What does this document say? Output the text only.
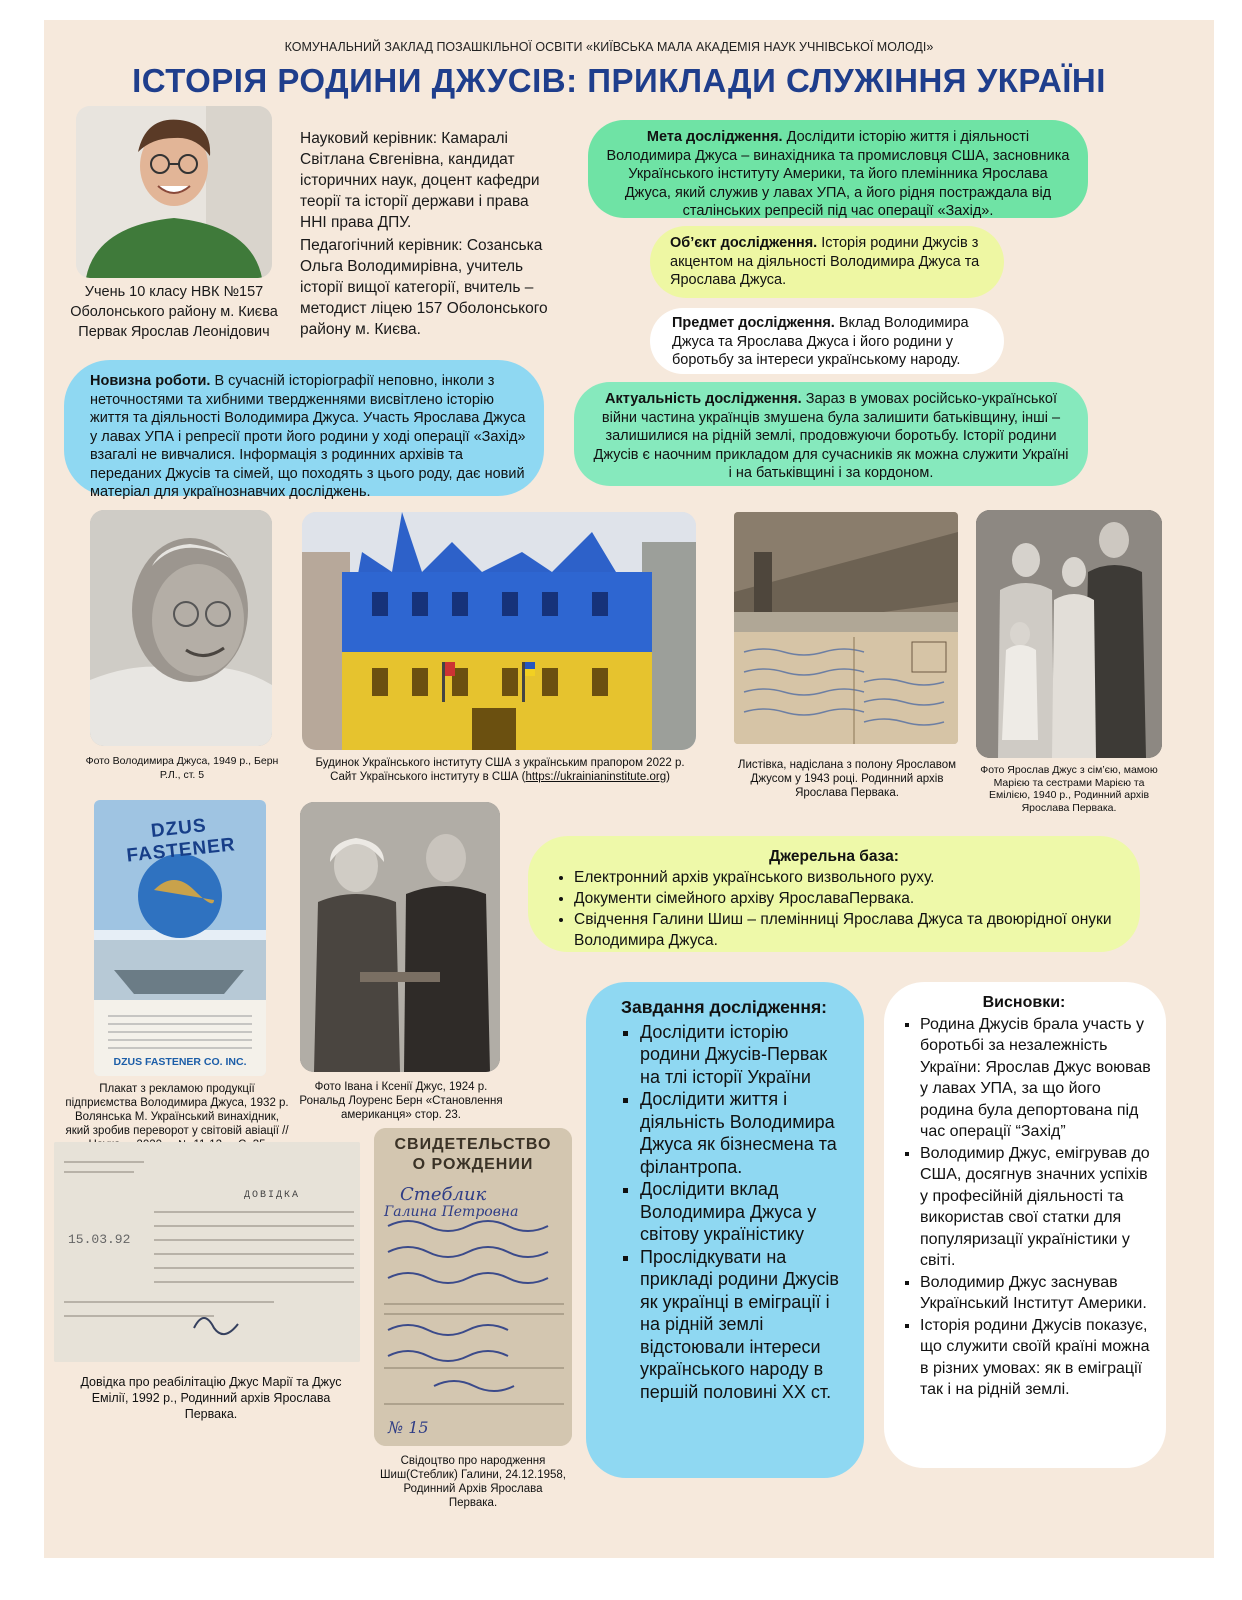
КОМУНАЛЬНИЙ ЗАКЛАД ПОЗАШКІЛЬНОЇ ОСВІТИ «КИЇВСЬКА МАЛА АКАДЕМІЯ НАУК УЧНІВСЬКОЇ МОЛОДІ»
ІСТОРІЯ РОДИНИ ДЖУСІВ: ПРИКЛАДИ СЛУЖІННЯ УКРАЇНІ
Учень 10 класу НВК №157
Оболонського району м. Києва
Первак Ярослав Леонідович
Науковий керівник: Камаралі Світлана Євгенівна, кандидат історичних наук, доцент кафедри теорії та історії держави і права ННІ права ДПУ.
Педагогічний керівник: Созанська Ольга Володимирівна, учитель історії вищої категорії, вчитель – методист ліцею 157 Оболонського району м. Києва.
Мета дослідження. Дослідити історію життя і діяльності Володимира Джуса – винахідника та промисловця США, засновника Українського інституту Америки, та його племінника Ярослава Джуса, який служив у лавах УПА, а його рідня постраждала від сталінських репресій під час операції «Захід».
Об’єкт дослідження. Історія родини Джусів з акцентом на діяльності Володимира Джуса та Ярослава Джуса.
Предмет дослідження. Вклад Володимира Джуса та Ярослава Джуса і його родини у боротьбу за інтереси українському народу.
Новизна роботи. В сучасній історіографії неповно, інколи з неточностями та хибними твердженнями висвітлено історію життя та діяльності Володимира Джуса. Участь Ярослава Джуса у лавах УПА і репресії проти його родини у ході операції «Захід» взагалі не вивчалися. Інформація з родинних архівів та переданих Джусів та сімей, що походять з цього роду, дає новий матеріал для українознавчих досліджень.
Актуальність дослідження. Зараз в умовах російсько-української війни частина українців змушена була залишити батьківщину, інші – залишилися на рідній землі, продовжуючи боротьбу. Історії родини Джусів є наочним прикладом для сучасників як можна служити Україні і на батьківщині і за кордоном.
Фото Володимира Джуса, 1949 р., Берн Р.Л., ст. 5
Будинок Українського інституту США з українським прапором 2022 р.
Сайт Українського інституту в США (https://ukrainianinstitute.org)
Листівка, надіслана з полону Ярославом Джусом у 1943 році. Родинний архів Ярослава Первака.
Фото Ярослав Джус з сім’єю, мамою Марією та сестрами Марією та Емілією, 1940 р., Родинний архів Ярослава Первака.
DZUS FASTENER
DZUS FASTENER CO. INC.
Плакат з рекламою продукції підприємства Володимира Джуса, 1932 р. Волянська М. Український винахідник, який зробив переворот у світовій авіації //
Фото Івана і Ксенії Джус, 1924 р. Рональд Лоуренс Берн «Становлення американця» стор. 23.
Джерельна база:
• Електронний архів українського визвольного руху.
• Документи сімейного архіву ЯрославаПервака.
• Свідчення Галини Шиш – племінниці Ярослава Джуса та двоюрідної онуки Володимира Джуса.
ДОВІДКА
15.03.92
Довідка про реабілітацію Джус Марії та Джус Емілії, 1992 р., Родинний архів Ярослава Первака.
СВИДЕТЕЛЬСТВО
О РОЖДЕНИИ
Стеблик
Галина Петровна
№ 15
Свідоцтво про народження Шиш(Стеблик) Галини, 24.12.1958, Родинний Архів Ярослава Первака.
Завдання дослідження:
▪ Дослідити історію родини Джусів-Первак на тлі історії України
▪ Дослідити життя і діяльність Володимира Джуса як бізнесмена та філантропа.
▪ Дослідити вклад Володимира Джуса у світову україністику
▪ Прослідкувати на прикладі родини Джусів як українці в еміграції і на рідній землі відстоювали інтереси українського народу в першій половині ХХ ст.
Висновки:
▪ Родина Джусів брала участь у боротьбі за незалежність України: Ярослав Джус воював у лавах УПА, за що його родина була депортована під час операції “Захід”
▪ Володимир Джус, емігрував до США, досягнув значних успіхів у професійній діяльності та використав свої статки для популяризації україністики у світі.
▪ Володимир Джус заснував Український Інститут Америки.
▪ Історія родини Джусів показує, що служити своїй країні можна в різних умовах: як в еміграції так і на рідній землі.
